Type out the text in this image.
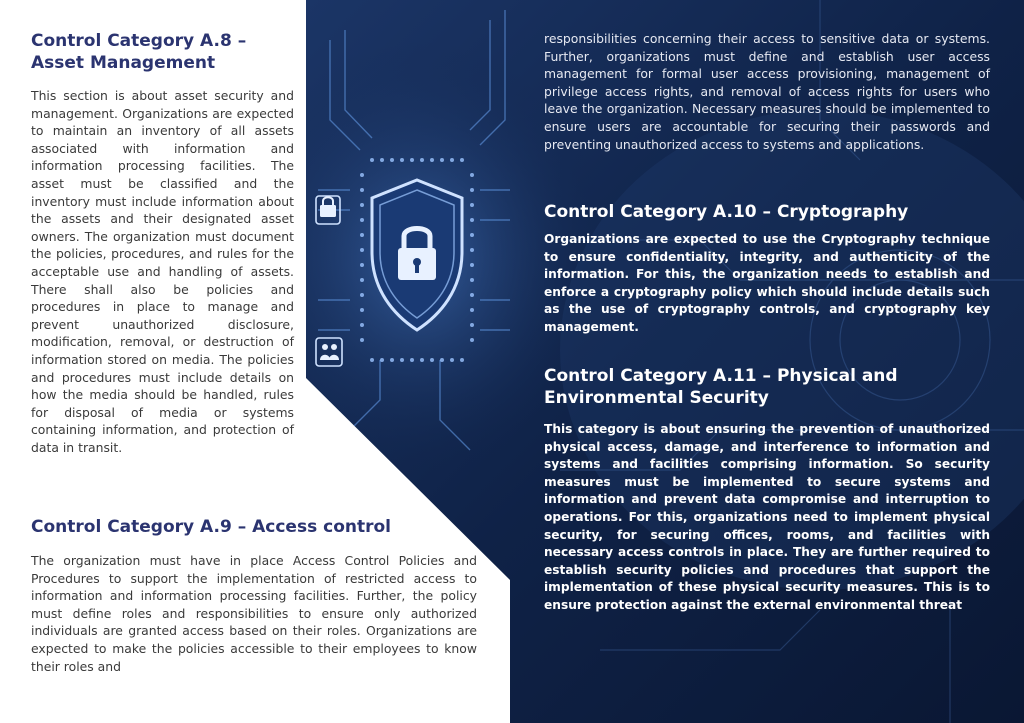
Control Category A.8 – Asset Management

This section is about asset security and management. Organizations are expected to maintain an inventory of all assets associated with information and information processing facilities. The asset must be classified and the inventory must include information about the assets and their designated asset owners. The organization must document the policies, procedures, and rules for the acceptable use and handling of assets. There shall also be policies and procedures in place to manage and prevent unauthorized disclosure, modification, removal, or destruction of information stored on media. The policies and procedures must include details on how the media should be handled, rules for disposal of media or systems containing information, and protection of data in transit.

Control Category A.9 – Access control

The organization must have in place Access Control Policies and Procedures to support the implementation of restricted access to information and information processing facilities. Further, the policy must define roles and responsibilities to ensure only authorized individuals are granted access based on their roles. Organizations are expected to make the policies accessible to their employees to know their roles and

responsibilities concerning their access to sensitive data or systems. Further, organizations must define and establish user access management for formal user access provisioning, management of privilege access rights, and removal of access rights for users who leave the organization. Necessary measures should be implemented to ensure users are accountable for securing their passwords and preventing unauthorized access to systems and applications.

Control Category A.10 – Cryptography

Organizations are expected to use the Cryptography technique to ensure confidentiality, integrity, and authenticity of the information. For this, the organization needs to establish and enforce a cryptography policy which should include details such as the use of cryptography controls, and cryptography key management.

Control Category A.11 – Physical and Environmental Security

This category is about ensuring the prevention of unauthorized physical access, damage, and interference to information and systems and facilities comprising information. So security measures must be implemented to secure systems and information and prevent data compromise and interruption to operations. For this, organizations need to implement physical security, for securing offices, rooms, and facilities with necessary access controls in place. They are further required to establish security policies and procedures that support the implementation of these physical security measures. This is to ensure protection against the external environmental threat
